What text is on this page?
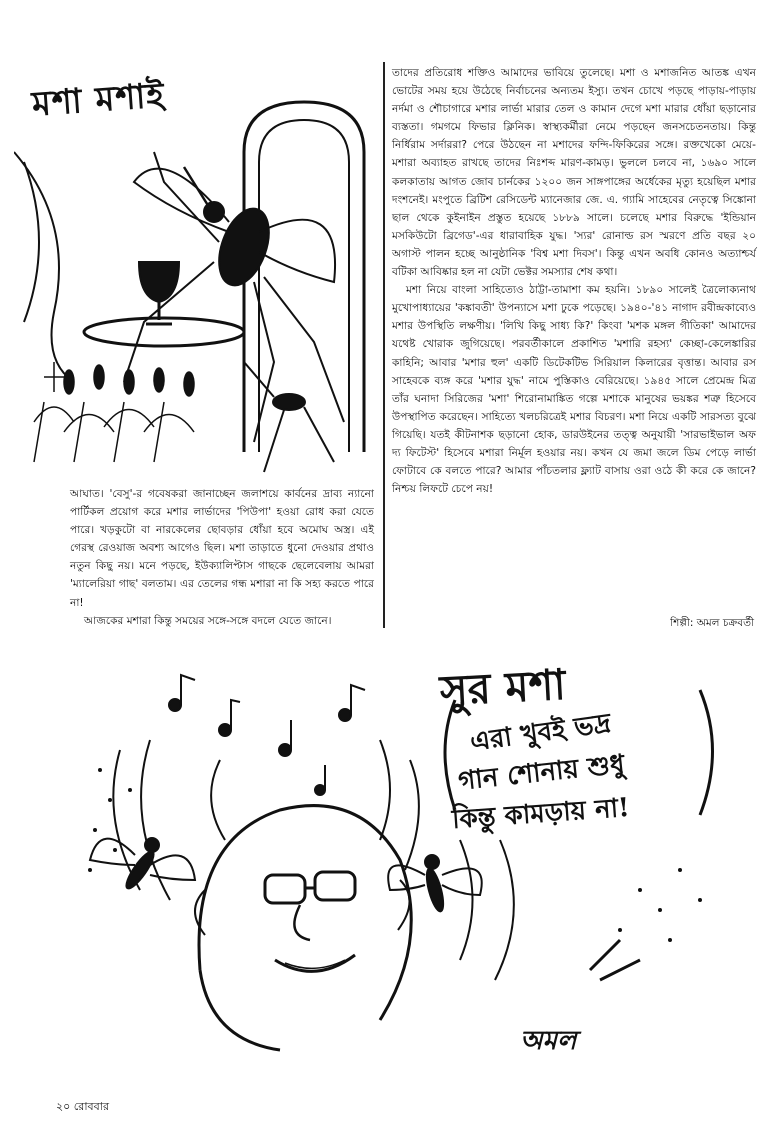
মশা মশাই

তাদের প্রতিরোধ শক্তিও আমাদের ভাবিয়ে তুলেছে। মশা ও মশাজনিত আতঙ্ক এখন ভোটের সময় হয়ে উঠেছে নির্বাচনের অন্যতম ইস্যু। তখন চোখে পড়ছে পাড়ায়-পাড়ায় নর্দমা ও শৌচাগারে মশার লার্ভা মারার তেল ও কামান দেগে মশা মারার ধোঁয়া ছড়ানোর ব্যস্ততা। গমগমে ফিভার ক্লিনিক। স্বাস্থ্যকর্মীরা নেমে পড়ছেন জনসচেতনতায়। কিন্তু নির্ধিরাম সর্দাররা? পেরে উঠছেন না মশাদের ফন্দি-ফিকিরের সঙ্গে। রক্তখেকো মেয়ে-মশারা অব্যাহত রাখছে তাদের নিঃশব্দ মারণ-কামড়। ভুললে চলবে না, ১৬৯০ সালে কলকাতায় আগত জোব চার্নকের ১২০০ জন সাঙ্গপাঙ্গের অর্ধেকের মৃত্যু হয়েছিল মশার দংশনেই। মংপুতে ব্রিটিশ রেসিডেন্ট ম্যানেজার জে. এ. গ্যামি সাহেবের নেতৃত্বে সিঙ্কোনা ছাল থেকে কুইনাইন প্রস্তুত হয়েছে ১৮৮৯ সালে। চলেছে মশার বিরুদ্ধে 'ইন্ডিয়ান মসকিউটো ব্রিগেড'-এর ধারাবাহিক যুদ্ধ। 'স্যর' রোনাল্ড রস স্মরণে প্রতি বছর ২০ অগাস্ট পালন হচ্ছে আনুষ্ঠানিক 'বিশ্ব মশা দিবস'। কিন্তু এখন অবধি কোনও অত্যাশ্চর্য বটিকা আবিষ্কার হল না যেটা ভেক্টর সমস্যার শেষ কথা।

মশা নিয়ে বাংলা সাহিত্যেও ঠাট্টা-তামাশা কম হয়নি। ১৮৯০ সালেই ত্রৈলোক্যনাথ মুখোপাধ্যায়ের 'কঙ্কাবতী' উপন্যাসে মশা ঢুকে পড়েছে। ১৯৪০-'৪১ নাগাদ রবীন্দ্রকাব্যেও মশার উপস্থিতি লক্ষণীয়। 'লিখি কিছু সাধ্য কি?' কিংবা 'মশক মঙ্গল গীতিকা' আমাদের যথেষ্ট খোরাক জুগিয়েছে। পরবর্তীকালে প্রকাশিত 'মশারি রহস্য' কেচ্ছা-কেলেঙ্কারির কাহিনি; আবার 'মশার হুল' একটি ডিটেকটিভ সিরিয়াল কিলারের বৃত্তান্ত। আবার রস সাহেবকে ব্যঙ্গ করে 'মশার যুদ্ধ' নামে পুস্তিকাও বেরিয়েছে। ১৯৪৫ সালে প্রেমেন্দ্র মিত্র তাঁর ঘনাদা সিরিজের 'মশা' শিরোনামাঙ্কিত গল্পে মশাকে মানুষের ভয়ঙ্কর শত্রু হিসেবে উপস্থাপিত করেছেন। সাহিত্যে খলচরিত্রেই মশার বিচরণ। মশা নিয়ে একটি সারসত্য বুঝে গিয়েছি। যতই কীটনাশক ছড়ানো হোক, ডারউইনের তত্ত্ব অনুযায়ী 'সারভাইভাল অফ দ্য ফিটেস্ট' হিসেবে মশারা নির্মূল হওয়ার নয়। কখন যে জমা জলে ডিম পেড়ে লার্ভা ফোটাবে কে বলতে পারে? আমার পাঁচতলার ফ্ল্যাট বাসায় ওরা ওঠে কী করে কে জানে? নিশ্চয় লিফটে চেপে নয়!

আঘাত। 'বেসু'-র গবেষকরা জানাচ্ছেন জলাশয়ে কার্বনের দ্রাব্য ন্যানো পার্টিকল প্রয়োগ করে মশার লার্ভাদের 'পিউপা' হওয়া রোধ করা যেতে পারে। খড়কুটো বা নারকেলের ছোবড়ার ধোঁয়া হবে অমোঘ অস্ত্র। এই গেরস্থ রেওয়াজ অবশ্য আগেও ছিল। মশা তাড়াতে ধুনো দেওয়ার প্রথাও নতুন কিছু নয়। মনে পড়ছে, ইউক্যালিপ্টাস গাছকে ছেলেবেলায় আমরা 'ম্যালেরিয়া গাছ' বলতাম। এর তেলের গন্ধ মশারা না কি সহ্য করতে পারে না!

আজকের মশারা কিন্তু সময়ের সঙ্গে-সঙ্গে বদলে যেতে জানে।	শিল্পী: অমল চক্রবর্তী
সুর মশা
এরা খুবই ভদ্র
গান শোনায় শুধু
কিন্তু কামড়ায় না!
অমল
২০ রোববার
